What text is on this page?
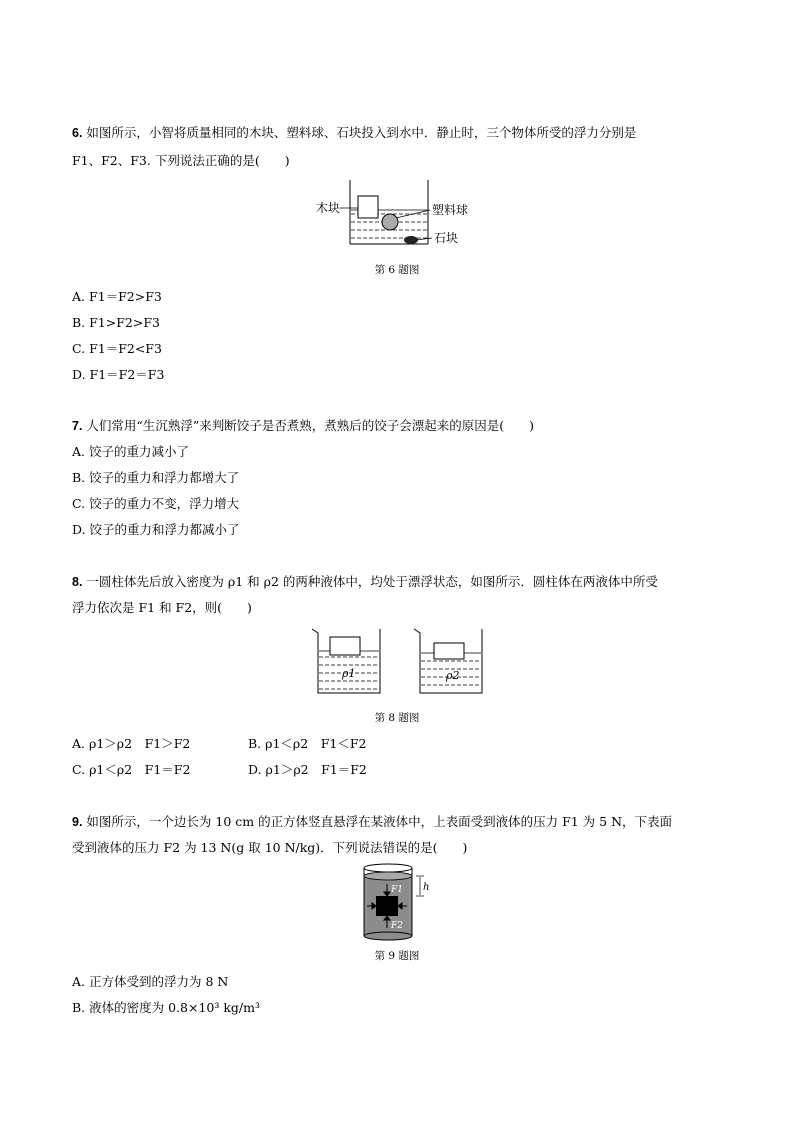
6. 如图所示，小智将质量相同的木块、塑料球、石块投入到水中．静止时，三个物体所受的浮力分别是
F1、F2、F3. 下列说法正确的是(　　)
木块	塑料球
石块
第 6 题图
A. F1＝F2>F3
B. F1>F2>F3
C. F1＝F2<F3
D. F1＝F2＝F3
7. 人们常用“生沉熟浮”来判断饺子是否煮熟，煮熟后的饺子会漂起来的原因是(　　)
A. 饺子的重力减小了
B. 饺子的重力和浮力都增大了
C. 饺子的重力不变，浮力增大
D. 饺子的重力和浮力都减小了
8. 一圆柱体先后放入密度为 ρ1 和 ρ2 的两种液体中，均处于漂浮状态，如图所示．圆柱体在两液体中所受
浮力依次是 F1 和 F2，则(　　)
ρ1	ρ2
第 8 题图
A. ρ1＞ρ2　F1＞F2	B. ρ1＜ρ2　F1＜F2
C. ρ1＜ρ2　F1＝F2	D. ρ1＞ρ2　F1＝F2
9. 如图所示，一个边长为 10 cm 的正方体竖直悬浮在某液体中，上表面受到液体的压力 F1 为 5 N，下表面
受到液体的压力 F2 为 13 N(g 取 10 N/kg)．下列说法错误的是(　　)
F1
F2
h
第 9 题图
A. 正方体受到的浮力为 8 N
B. 液体的密度为 0.8×10³ kg/m³
